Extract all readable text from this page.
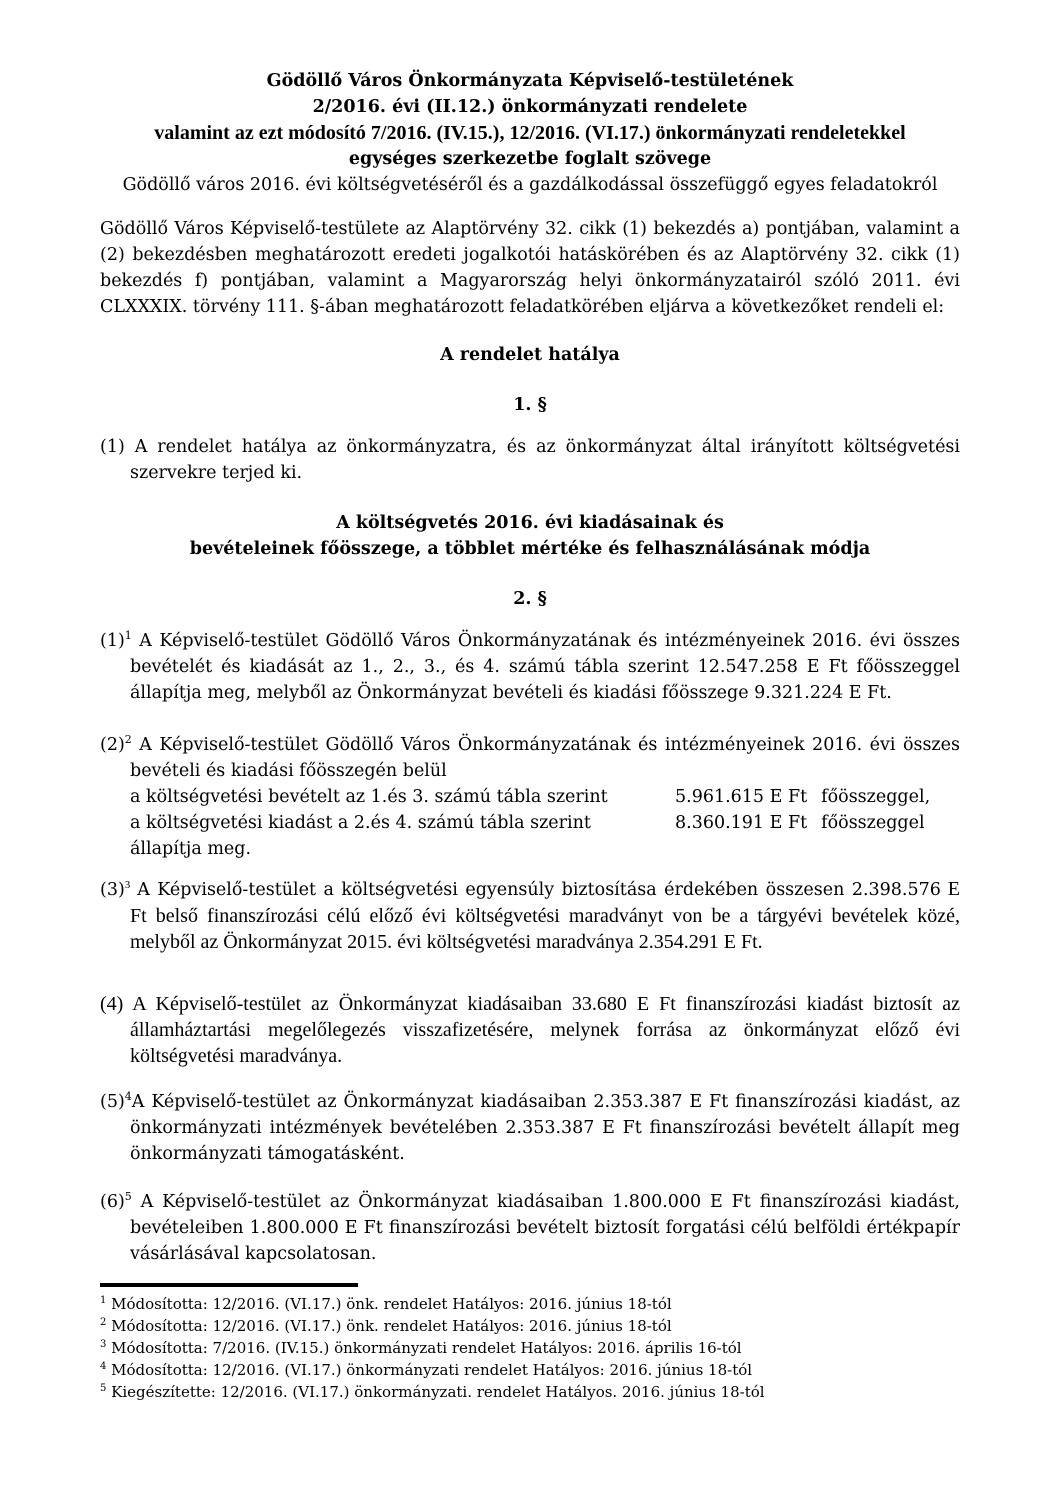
Gödöllő Város Önkormányzata Képviselő-testületének
2/2016. évi (II.12.) önkormányzati rendelete
valamint az ezt módosító 7/2016. (IV.15.), 12/2016. (VI.17.) önkormányzati rendeletekkel
egységes szerkezetbe foglalt szövege
Gödöllő város 2016. évi költségvetéséről és a gazdálkodással összefüggő egyes feladatokról

Gödöllő Város Képviselő-testülete az Alaptörvény 32. cikk (1) bekezdés a) pontjában, valamint a (2) bekezdésben meghatározott eredeti jogalkotói hatáskörében és az Alaptörvény 32. cikk (1) bekezdés f) pontjában, valamint a Magyarország helyi önkormányzatairól szóló 2011. évi CLXXXIX. törvény 111. §-ában meghatározott feladatkörében eljárva a következőket rendeli el:

A rendelet hatálya

1. §

(1) A rendelet hatálya az önkormányzatra, és az önkormányzat által irányított költségvetési szervekre terjed ki.

A költségvetés 2016. évi kiadásainak és
bevételeinek főösszege, a többlet mértéke és felhasználásának módja

2. §

(1)$^1$ A Képviselő-testület Gödöllő Város Önkormányzatának és intézményeinek 2016. évi összes bevételét és kiadását az 1., 2., 3., és 4. számú tábla szerint 12.547.258 E Ft főösszeggel állapítja meg, melyből az Önkormányzat bevételi és kiadási főösszege 9.321.224 E Ft.

(2)$^2$ A Képviselő-testület Gödöllő Város Önkormányzatának és intézményeinek 2016. évi összes bevételi és kiadási főösszegén belül

a költségvetési bevételt az 1.és 3. számú tábla szerint	5.961.615 E Ft főösszeggel,
a költségvetési kiadást a 2.és 4. számú tábla szerint	8.360.191 E Ft főösszeggel

állapítja meg.

(3)$^3$ A Képviselő-testület a költségvetési egyensúly biztosítása érdekében összesen 2.398.576 E Ft belső finanszírozási célú előző évi költségvetési maradványt von be a tárgyévi bevételek közé, melyből az Önkormányzat 2015. évi költségvetési maradványa 2.354.291 E Ft.

(4) A Képviselő-testület az Önkormányzat kiadásaiban 33.680 E Ft finanszírozási kiadást biztosít az államháztartási megelőlegezés visszafizetésére, melynek forrása az önkormányzat előző évi költségvetési maradványa.

(5)$^4$A Képviselő-testület az Önkormányzat kiadásaiban 2.353.387 E Ft finanszírozási kiadást, az önkormányzati intézmények bevételében 2.353.387 E Ft finanszírozási bevételt állapít meg önkormányzati támogatásként.

(6)$^5$ A Képviselő-testület az Önkormányzat kiadásaiban 1.800.000 E Ft finanszírozási kiadást, bevételeiben 1.800.000 E Ft finanszírozási bevételt biztosít forgatási célú belföldi értékpapír vásárlásával kapcsolatosan.

$^1$ Módosította: 12/2016. (VI.17.) önk. rendelet Hatályos: 2016. június 18-tól
$^2$ Módosította: 12/2016. (VI.17.) önk. rendelet Hatályos: 2016. június 18-tól
$^3$ Módosította: 7/2016. (IV.15.) önkormányzati rendelet Hatályos: 2016. április 16-tól
$^4$ Módosította: 12/2016. (VI.17.) önkormányzati rendelet Hatályos: 2016. június 18-tól
$^5$ Kiegészítette: 12/2016. (VI.17.) önkormányzati. rendelet Hatályos. 2016. június 18-tól
